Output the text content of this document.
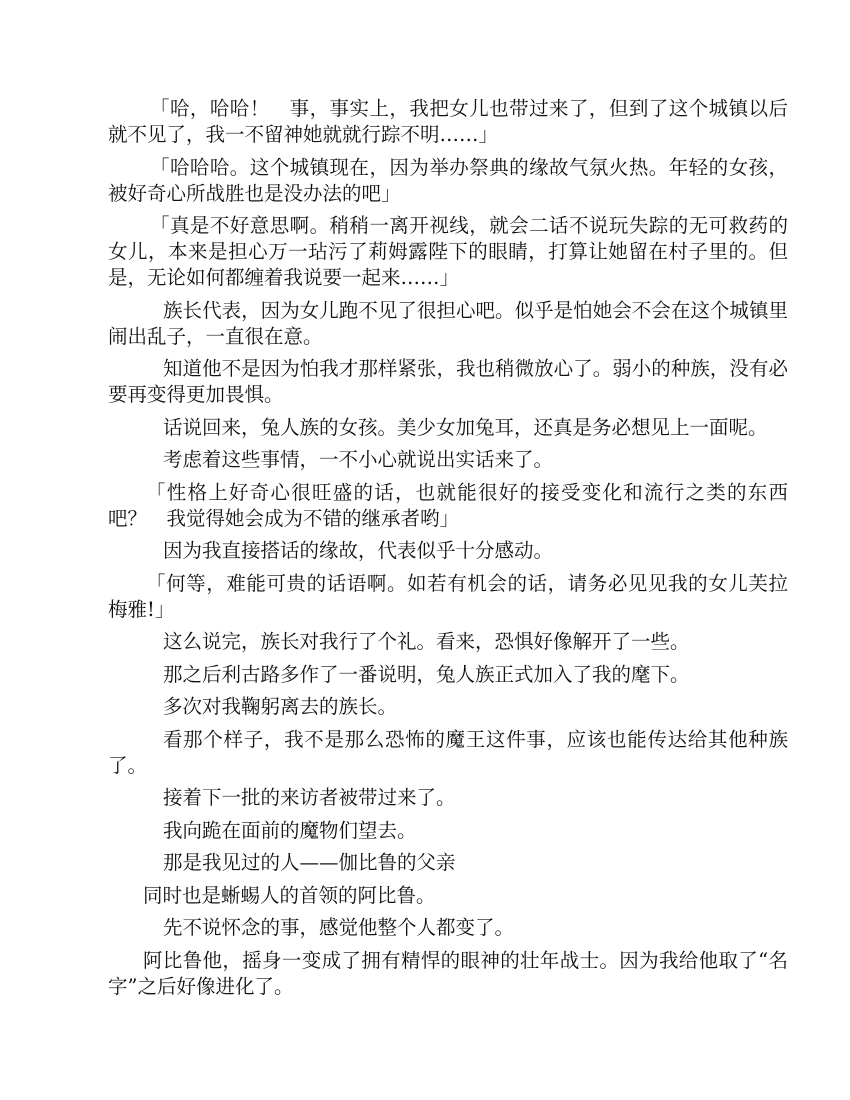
「哈，哈哈！　事，事实上，我把女儿也带过来了，但到了这个城镇以后就不见了，我一不留神她就就行踪不明……」

「哈哈哈。这个城镇现在，因为举办祭典的缘故气氛火热。年轻的女孩，被好奇心所战胜也是没办法的吧」

「真是不好意思啊。稍稍一离开视线，就会二话不说玩失踪的无可救药的女儿，本来是担心万一玷污了莉姆露陛下的眼睛，打算让她留在村子里的。但是，无论如何都缠着我说要一起来……」

族长代表，因为女儿跑不见了很担心吧。似乎是怕她会不会在这个城镇里闹出乱子，一直很在意。

知道他不是因为怕我才那样紧张，我也稍微放心了。弱小的种族，没有必要再变得更加畏惧。

话说回来，兔人族的女孩。美少女加兔耳，还真是务必想见上一面呢。

考虑着这些事情，一不小心就说出实话来了。

「性格上好奇心很旺盛的话，也就能很好的接受变化和流行之类的东西吧？　我觉得她会成为不错的继承者哟」

因为我直接搭话的缘故，代表似乎十分感动。

「何等，难能可贵的话语啊。如若有机会的话，请务必见见我的女儿芙拉梅雅!」

这么说完，族长对我行了个礼。看来，恐惧好像解开了一些。

那之后利古路多作了一番说明，兔人族正式加入了我的麾下。

多次对我鞠躬离去的族长。

看那个样子，我不是那么恐怖的魔王这件事，应该也能传达给其他种族了。

接着下一批的来访者被带过来了。

我向跪在面前的魔物们望去。

那是我见过的人——伽比鲁的父亲

同时也是蜥蜴人的首领的阿比鲁。

先不说怀念的事，感觉他整个人都变了。

阿比鲁他，摇身一变成了拥有精悍的眼神的壮年战士。因为我给他取了“名字”之后好像进化了。
